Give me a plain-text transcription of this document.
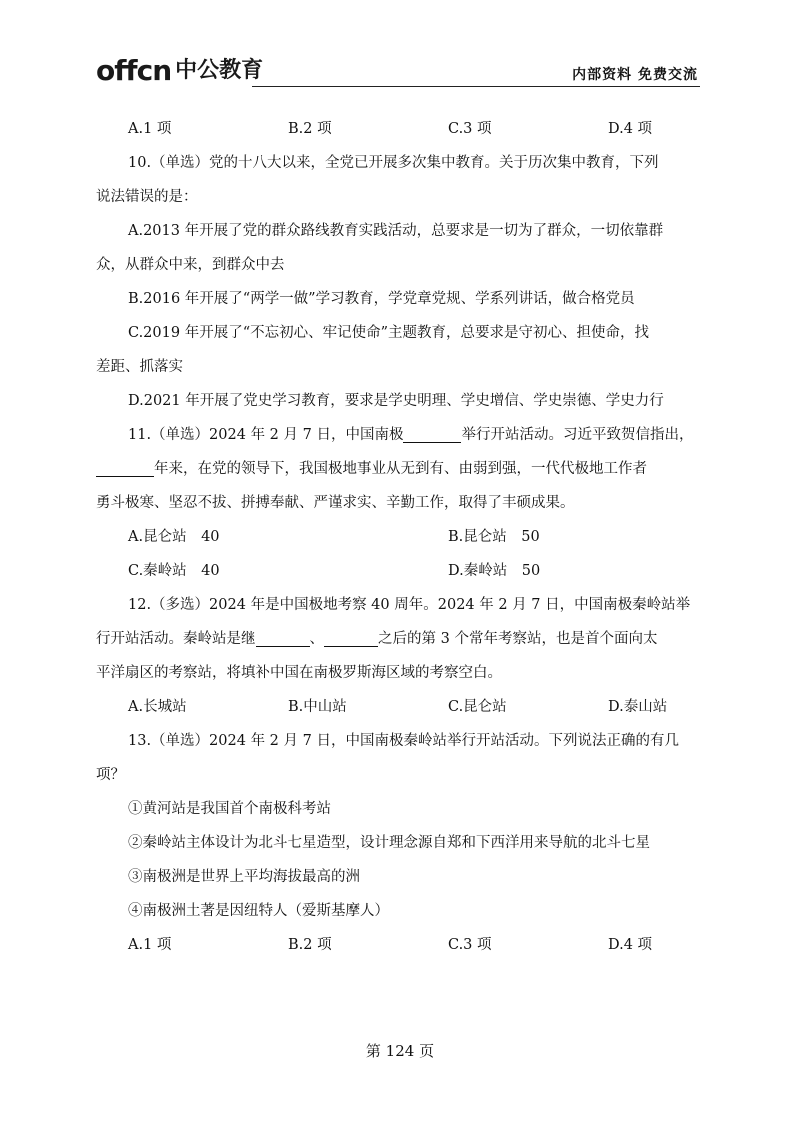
offcn 中公教育	内部资料 免费交流
A.1 项	B.2 项	C.3 项	D.4 项
10.（单选）党的十八大以来，全党已开展多次集中教育。关于历次集中教育，下列
说法错误的是：
A.2013 年开展了党的群众路线教育实践活动，总要求是一切为了群众，一切依靠群
众，从群众中来，到群众中去
B.2016 年开展了“两学一做”学习教育，学党章党规、学系列讲话，做合格党员
C.2019 年开展了“不忘初心、牢记使命”主题教育，总要求是守初心、担使命，找
差距、抓落实
D.2021 年开展了党史学习教育，要求是学史明理、学史增信、学史崇德、学史力行
11.（单选）2024 年 2 月 7 日，中国南极	举行开站活动。习近平致贺信指出，
年来，在党的领导下，我国极地事业从无到有、由弱到强，一代代极地工作者
勇斗极寒、坚忍不拔、拼搏奉献、严谨求实、辛勤工作，取得了丰硕成果。
A.昆仑站　40	B.昆仑站　50
C.秦岭站　40	D.秦岭站　50
12.（多选）2024 年是中国极地考察 40 周年。2024 年 2 月 7 日，中国南极秦岭站举
行开站活动。秦岭站是继	、	之后的第 3 个常年考察站，也是首个面向太
平洋扇区的考察站，将填补中国在南极罗斯海区域的考察空白。
A.长城站	B.中山站	C.昆仑站	D.泰山站
13.（单选）2024 年 2 月 7 日，中国南极秦岭站举行开站活动。下列说法正确的有几
项？
①黄河站是我国首个南极科考站
②秦岭站主体设计为北斗七星造型，设计理念源自郑和下西洋用来导航的北斗七星
③南极洲是世界上平均海拔最高的洲
④南极洲土著是因纽特人（爱斯基摩人）
A.1 项	B.2 项	C.3 项	D.4 项
第 124 页
